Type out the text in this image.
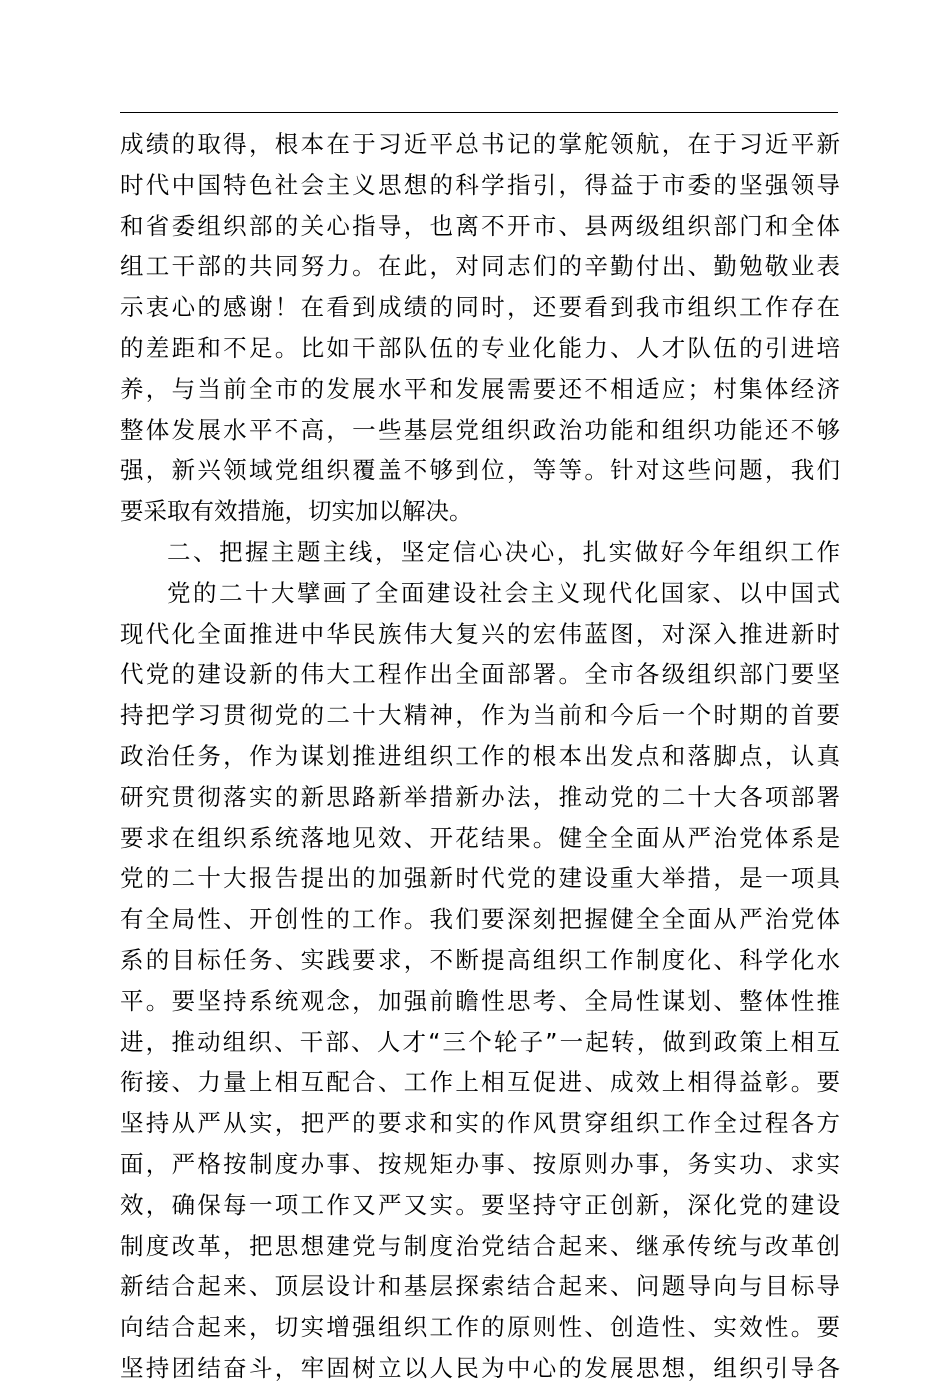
成绩的取得，根本在于习近平总书记的掌舵领航，在于习近平新
时代中国特色社会主义思想的科学指引，得益于市委的坚强领导
和省委组织部的关心指导，也离不开市、县两级组织部门和全体
组工干部的共同努力。在此，对同志们的辛勤付出、勤勉敬业表
示衷心的感谢！在看到成绩的同时，还要看到我市组织工作存在
的差距和不足。比如干部队伍的专业化能力、人才队伍的引进培
养，与当前全市的发展水平和发展需要还不相适应；村集体经济
整体发展水平不高，一些基层党组织政治功能和组织功能还不够
强，新兴领域党组织覆盖不够到位，等等。针对这些问题，我们
要采取有效措施，切实加以解决。
二、把握主题主线，坚定信心决心，扎实做好今年组织工作
党的二十大擘画了全面建设社会主义现代化国家、以中国式
现代化全面推进中华民族伟大复兴的宏伟蓝图，对深入推进新时
代党的建设新的伟大工程作出全面部署。全市各级组织部门要坚
持把学习贯彻党的二十大精神，作为当前和今后一个时期的首要
政治任务，作为谋划推进组织工作的根本出发点和落脚点，认真
研究贯彻落实的新思路新举措新办法，推动党的二十大各项部署
要求在组织系统落地见效、开花结果。健全全面从严治党体系是
党的二十大报告提出的加强新时代党的建设重大举措，是一项具
有全局性、开创性的工作。我们要深刻把握健全全面从严治党体
系的目标任务、实践要求，不断提高组织工作制度化、科学化水
平。要坚持系统观念，加强前瞻性思考、全局性谋划、整体性推
进，推动组织、干部、人才“三个轮子”一起转，做到政策上相互
衔接、力量上相互配合、工作上相互促进、成效上相得益彰。要
坚持从严从实，把严的要求和实的作风贯穿组织工作全过程各方
面，严格按制度办事、按规矩办事、按原则办事，务实功、求实
效，确保每一项工作又严又实。要坚持守正创新，深化党的建设
制度改革，把思想建党与制度治党结合起来、继承传统与改革创
新结合起来、顶层设计和基层探索结合起来、问题导向与目标导
向结合起来，切实增强组织工作的原则性、创造性、实效性。要
坚持团结奋斗，牢固树立以人民为中心的发展思想，组织引导各
